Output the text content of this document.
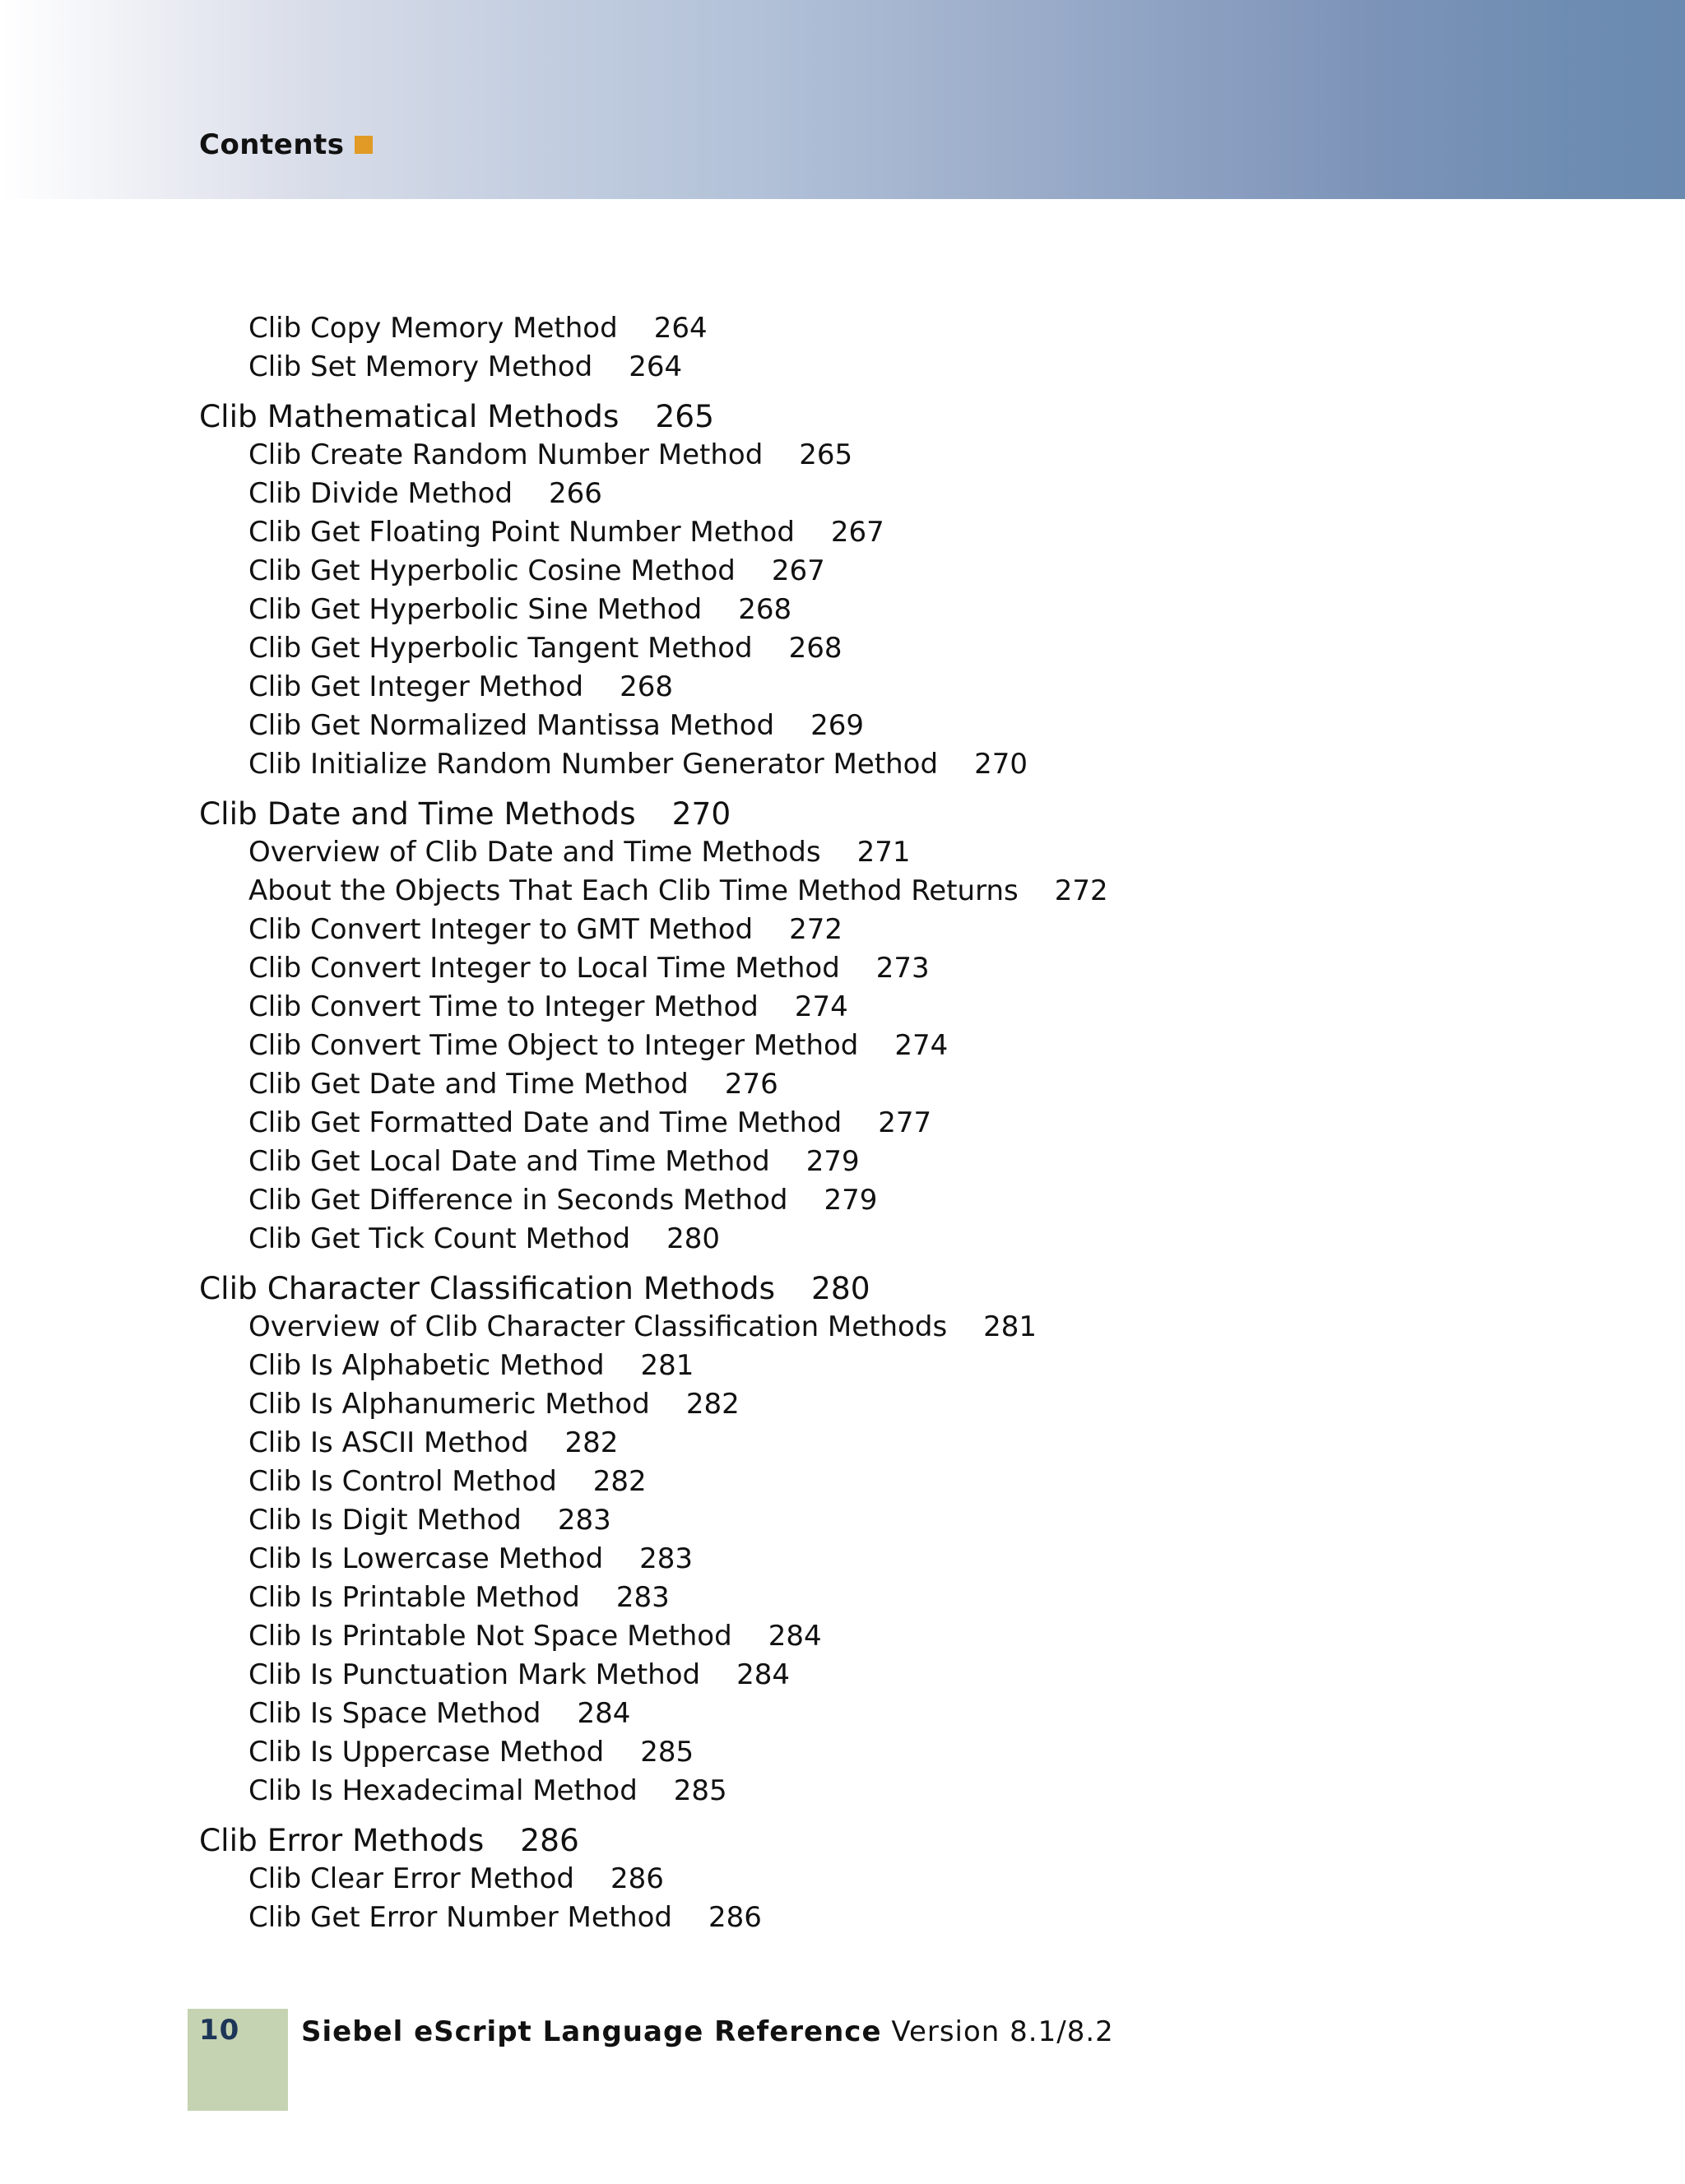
Contents
Clib Copy Memory Method 264
Clib Set Memory Method 264
Clib Mathematical Methods 265
Clib Create Random Number Method 265
Clib Divide Method 266
Clib Get Floating Point Number Method 267
Clib Get Hyperbolic Cosine Method 267
Clib Get Hyperbolic Sine Method 268
Clib Get Hyperbolic Tangent Method 268
Clib Get Integer Method 268
Clib Get Normalized Mantissa Method 269
Clib Initialize Random Number Generator Method 270
Clib Date and Time Methods 270
Overview of Clib Date and Time Methods 271
About the Objects That Each Clib Time Method Returns 272
Clib Convert Integer to GMT Method 272
Clib Convert Integer to Local Time Method 273
Clib Convert Time to Integer Method 274
Clib Convert Time Object to Integer Method 274
Clib Get Date and Time Method 276
Clib Get Formatted Date and Time Method 277
Clib Get Local Date and Time Method 279
Clib Get Difference in Seconds Method 279
Clib Get Tick Count Method 280
Clib Character Classification Methods 280
Overview of Clib Character Classification Methods 281
Clib Is Alphabetic Method 281
Clib Is Alphanumeric Method 282
Clib Is ASCII Method 282
Clib Is Control Method 282
Clib Is Digit Method 283
Clib Is Lowercase Method 283
Clib Is Printable Method 283
Clib Is Printable Not Space Method 284
Clib Is Punctuation Mark Method 284
Clib Is Space Method 284
Clib Is Uppercase Method 285
Clib Is Hexadecimal Method 285
Clib Error Methods 286
Clib Clear Error Method 286
Clib Get Error Number Method 286
10 Siebel eScript Language Reference Version 8.1/8.2
